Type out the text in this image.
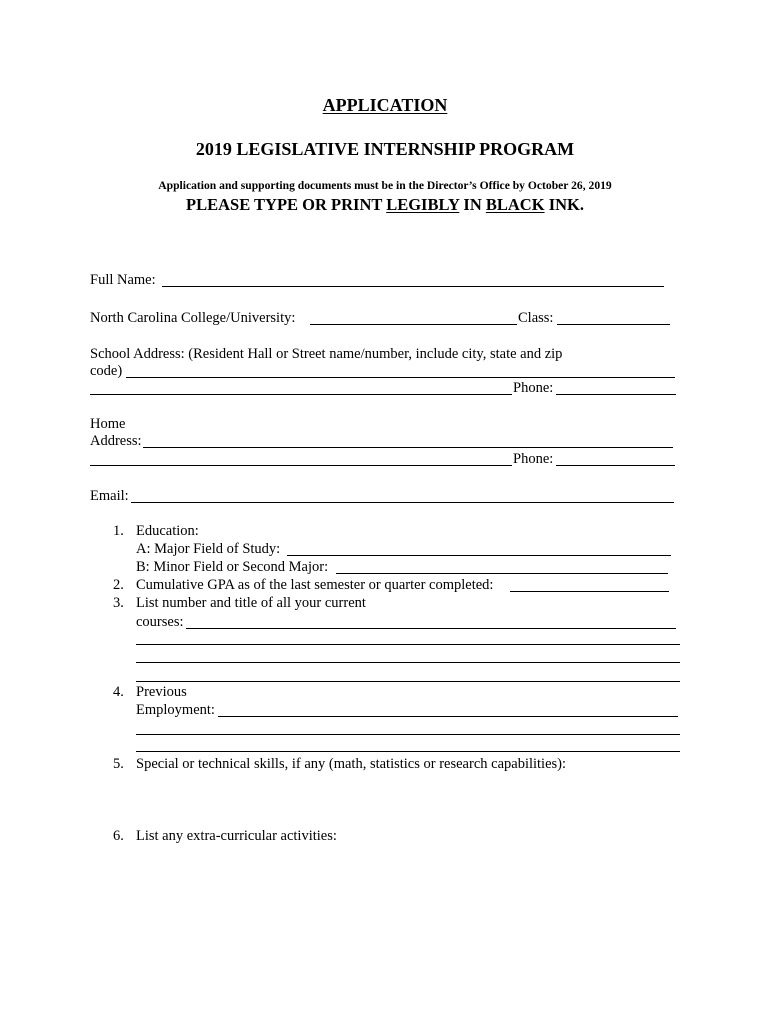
APPLICATION
2019 LEGISLATIVE INTERNSHIP PROGRAM
Application and supporting documents must be in the Director’s Office by October 26, 2019
PLEASE TYPE OR PRINT LEGIBLY IN BLACK INK.
Full Name:
North Carolina College/University:	Class:
School Address: (Resident Hall or Street name/number, include city, state and zip
code)
Phone:
Home
Address:
Phone:
Email:
1. Education:
A: Major Field of Study:
B: Minor Field or Second Major:
2. Cumulative GPA as of the last semester or quarter completed:
3. List number and title of all your current
courses:
4. Previous
Employment:
5. Special or technical skills, if any (math, statistics or research capabilities):
6. List any extra-curricular activities:
